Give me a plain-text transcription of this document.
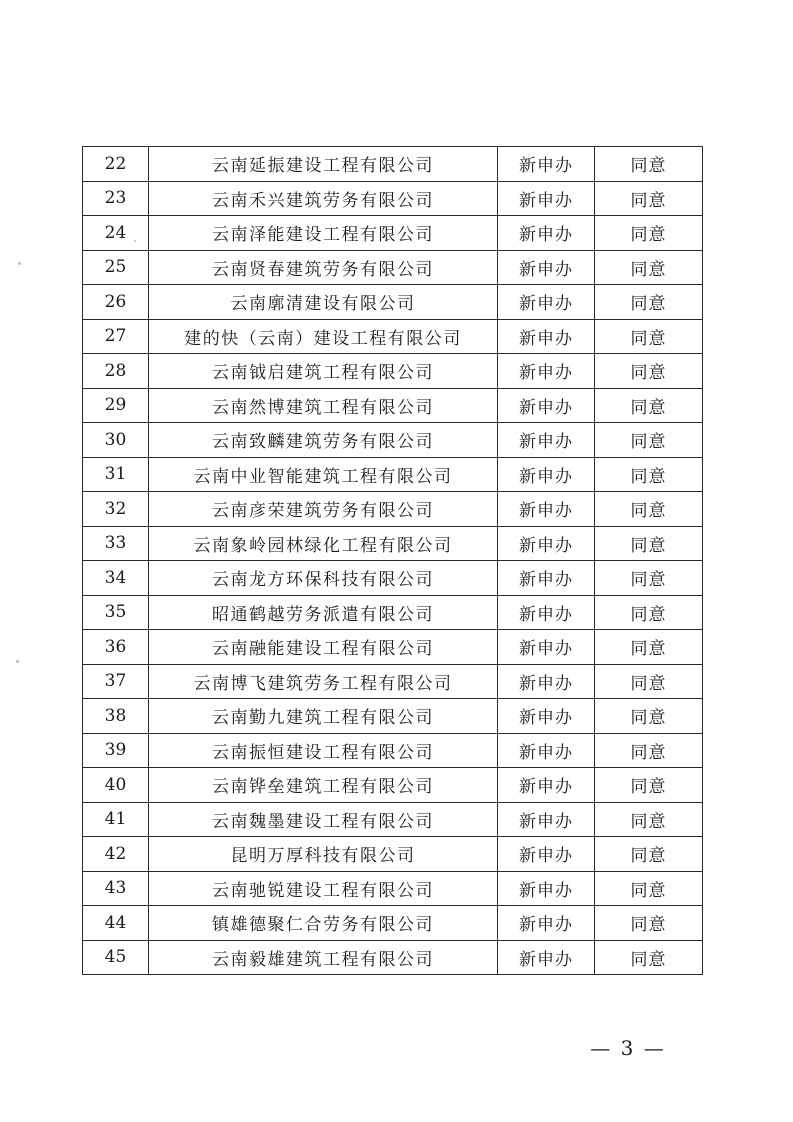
22	云南延振建设工程有限公司	新申办	同意
23	云南禾兴建筑劳务有限公司	新申办	同意
24	云南泽能建设工程有限公司	新申办	同意
25	云南贤春建筑劳务有限公司	新申办	同意
26	云南廓清建设有限公司	新申办	同意
27	建的快（云南）建设工程有限公司	新申办	同意
28	云南钺启建筑工程有限公司	新申办	同意
29	云南然博建筑工程有限公司	新申办	同意
30	云南致麟建筑劳务有限公司	新申办	同意
31	云南中业智能建筑工程有限公司	新申办	同意
32	云南彦荣建筑劳务有限公司	新申办	同意
33	云南象岭园林绿化工程有限公司	新申办	同意
34	云南龙方环保科技有限公司	新申办	同意
35	昭通鹤越劳务派遣有限公司	新申办	同意
36	云南融能建设工程有限公司	新申办	同意
37	云南博飞建筑劳务工程有限公司	新申办	同意
38	云南勤九建筑工程有限公司	新申办	同意
39	云南振恒建设工程有限公司	新申办	同意
40	云南铧垒建筑工程有限公司	新申办	同意
41	云南魏墨建设工程有限公司	新申办	同意
42	昆明万厚科技有限公司	新申办	同意
43	云南驰锐建设工程有限公司	新申办	同意
44	镇雄德聚仁合劳务有限公司	新申办	同意
45	云南毅雄建筑工程有限公司	新申办	同意
— 3 —
